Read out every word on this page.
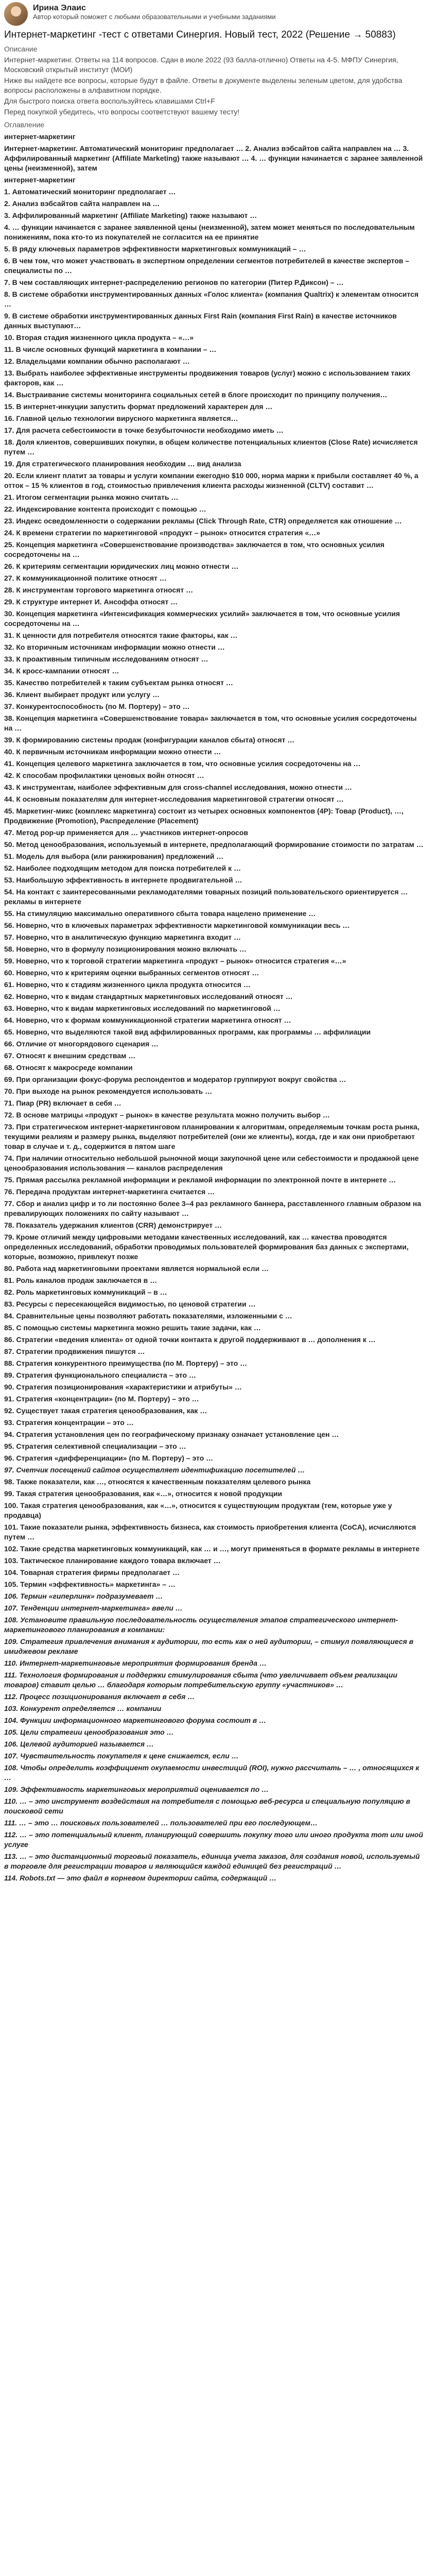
Ирина Элаис
Автор который поможет с любыми образовательными и учебными заданиями
Интернет-маркетинг -тест с ответами Синергия. Новый тест, 2022 (Решение → 50883)
Описание

Интернет-маркетинг. Ответы на 114 вопросов. Сдан в июле 2022 (93 балла-отлично) Ответы на 4-5. МФПУ Синергия, Московский открытый институт (МОИ)

Ниже вы найдете все вопросы, которые будут в файле. Ответы в документе выделены зеленым цветом, для удобства вопросы расположены в алфавитном порядке.

Для быстрого поиска ответа воспользуйтесь клавишами Ctrl+F

Перед покупкой убедитесь, что вопросы соответствуют вашему тесту!

Оглавление
интернет-маркетинг
Интернет-маркетинг. Автоматический мониторинг предполагает … 2. Анализ вэбсайтов сайта направлен на … 3. Аффилированный маркетинг (Affiliate Marketing) также называют … 4. … функции начинается с заранее заявленной цены (неизменной), затем
интернет-маркетинг
1. Автоматический мониторинг предполагает …
2. Анализ вэбсайтов сайта направлен на …
3. Аффилированный маркетинг (Affiliate Marketing) также называют …
4. … функции начинается с заранее заявленной цены (неизменной), затем может меняться по последовательным понижениям, пока кто-то из покупателей не согласится на ее принятие
5. В ряду ключевых параметров эффективности маркетинговых коммуникаций – …
6. В чем том, что может участвовать в экспертном определении сегментов потребителей в качестве экспертов – специалисты по …
7. В чем составляющих интернет-распределению регионов по категории (Питер Р.Диксон) – …
8. В системе обработки инструментированных данных «Голос клиента» (компания Qualtrix) к элементам относится …
9. В системе обработки инструментированных данных First Rain (компания First Rain) в качестве источников данных выступают…
10. Вторая стадия жизненного цикла продукта – «…»
11. В числе основных функций маркетинга в компании – …
12. Владельцами компании обычно располагают …
13. Выбрать наиболее эффективные инструменты продвижения товаров (услуг) можно с использованием таких факторов, как …
14. Выстраивание системы мониторинга социальных сетей в блоге происходит по принципу получения…
15. В интернет-инкуции запустить формат предложений характерен для …
16. Главной целью технологии вирусного маркетинга является…
17. Для расчета себестоимости в точке безубыточности необходимо иметь …
18. Доля клиентов, совершивших покупки, в общем количестве потенциальных клиентов (Close Rate) исчисляется путем …
19. Для стратегического планирования необходим … вид анализа
20. Если клиент платит за товары и услуги компании ежегодно $10 000, норма маржи к прибыли составляет 40 %, а отток – 15 % клиентов в год, стоимостью привлечения клиента расходы жизненной (CLTV) составит …
21. Итогом сегментации рынка можно считать …
22. Индексирование контента происходит с помощью …
23. Индекс осведомленности о содержании рекламы (Click Through Rate, CTR) определяется как отношение …
24. К времени стратегии по маркетинговой «продукт – рынок» относится стратегия «…»
25. Концепция маркетинга «Совершенствование производства» заключается в том, что основных усилия сосредоточены на …
26. К критериям сегментации юридических лиц можно отнести …
27. К коммуникационной политике относят …
28. К инструментам торгового маркетинга относят …
29. К структуре интернет И. Ансоффа относят …
30. Концепция маркетинга «Интенсификация коммерческих усилий» заключается в том, что основные усилия сосредоточены на …
31. К ценности для потребителя относятся такие факторы, как …
32. Ко вторичным источникам информации можно отнести …
33. К проактивным типичным исследованиям относят …
34. К кросс-кампании относят …
35. Качество потребителей к таким субъектам рынка относят …
36. Клиент выбирает продукт или услугу …
37. Конкурентоспособность (по М. Портеру) – это …
38. Концепция маркетинга «Совершенствование товара» заключается в том, что основные усилия сосредоточены на …
39. К формированию системы продаж (конфигурации каналов сбыта) относят …
40. К первичным источникам информации можно отнести …
41. Концепция целевого маркетинга заключается в том, что основные усилия сосредоточены на …
42. К способам профилактики ценовых войн относят …
43. К инструментам, наиболее эффективным для cross-channel исследования, можно отнести …
44. К основным показателям для интернет-исследования маркетинговой стратегии относят …
45. Маркетинг-микс (комплекс маркетинга) состоит из четырех основных компонентов (4P): Товар (Product), …, Продвижение (Promotion), Распределение (Placement)
47. Метод pop-up применяется для … участников интернет-опросов
50. Метод ценообразования, используемый в интернете, предполагающий формирование стоимости по затратам …
51. Модель для выбора (или ранжирования) предложений …
52. Наиболее подходящим методом для поиска потребителей к …
53. Наибольшую эффективность в интернете продвигательной …
54. На контакт с заинтересованными рекламодателями товарных позиций пользовательского ориентируется … рекламы в интернете
55. На стимуляцию максимально оперативного сбыта товара нацелено применение …
56. Новерно, что в ключевых параметрах эффективности маркетинговой коммуникации весь …
57. Новерно, что в аналитическую функцию маркетинга входит …
58. Новерно, что в формулу позиционирования можно включать …
59. Новерно, что к торговой стратегии маркетинга «продукт – рынок» относится стратегия «…»
60. Новерно, что к критериям оценки выбранных сегментов относят …
61. Новерно, что к стадиям жизненного цикла продукта относится …
62. Новерно, что к видам стандартных маркетинговых исследований относят …
63. Новерно, что к видам маркетинговых исследований по маркетинговой …
64. Новерно, что к формам коммуникационной стратегии маркетинга относят …
65. Новерно, что выделяются такой вид аффилированных программ, как программы … аффилиации
66. Отличие от многорядового сценария …
67. Относят к внешним средствам …
68. Относят к макросреде компании
69. При организации фокус-форума респондентов и модератор группируют вокруг свойства …
70. При выходе на рынок рекомендуется использовать …
71. Пиар (PR) включает в себя …
72. В основе матрицы «продукт – рынок» в качестве результата можно получить выбор …
73. При стратегическом интернет-маркетинговом планировании к алгоритмам, определяемым точкам роста рынка, текущими реалиям и размеру рынка, выделяют потребителей (они же клиенты), когда, где и как они приобретают товар в случае и т. д., содержится в пятом шаге
74. При наличии относительно небольшой рыночной мощи закупочной цене или себестоимости и продажной цене ценообразования использования — каналов распределения
75. Прямая рассылка рекламной информации и рекламой информации по электронной почте в интернете …
76. Передача продуктам интернет-маркетинга считается …
77. Сбор и анализ цифр и то ли постоянно более 3–4 раз рекламного баннера, расставленного главным образом на превалирующих положениях по сайту называют …
78. Показатель удержания клиентов (CRR) демонстрирует …
79. Кроме отличий между цифровыми методами качественных исследований, как … качества проводятся определенных исследований, обработки проводимых пользователей формирования баз данных с экспертами, которые, возможно, привлекут позже
80. Работа над маркетинговыми проектами является нормальной если …
81. Роль каналов продаж заключается в …
82. Роль маркетинговых коммуникаций – в …
83. Ресурсы с пересекающейся видимостью, по ценовой стратегии …
84. Сравнительные цены позволяют работать показателями, изложенными с …
85. С помощью системы маркетинга можно решить такие задачи, как …
86. Стратегии «ведения клиента» от одной точки контакта к другой поддерживают в … дополнения к …
87. Стратегии продвижения пишутся …
88. Стратегия конкурентного преимущества (по М. Портеру) – это …
89. Стратегия функционального специалиста – это …
90. Стратегия позиционирования «характеристики и атрибуты» …
91. Стратегия «концентрации» (по М. Портеру) – это …
92. Существует такая стратегия ценообразования, как …
93. Стратегия концентрации – это …
94. Стратегия установления цен по географическому признаку означает установление цен …
95. Стратегия селективной специализации – это …
96. Стратегия «дифференциации» (по М. Портеру) – это …
97. Счетчик посещений сайтов осуществляет идентификацию посетителей …
98. Также показатели, как …, относятся к качественным показателям целевого рынка
99. Такая стратегия ценообразования, как «…», относится к новой продукции
100. Такая стратегия ценообразования, как «…», относится к существующим продуктам (тем, которые уже у продавца)
101. Такие показатели рынка, эффективность бизнеса, как стоимость приобретения клиента (CoCA), исчисляются путем …
102. Такие средства маркетинговых коммуникаций, как … и …, могут применяться в формате рекламы в интернете
103. Тактическое планирование каждого товара включает …
104. Товарная стратегия фирмы предполагает …
105. Термин «эффективность» маркетинга» – …
106. Термин «гиперлинк» подразумевает …
107. Тенденции интернет-маркетинга» ввели …
108. Установите правильную последовательность осуществления этапов стратегического интернет-маркетингового планирования в компании:
109. Стратегия привлечения внимания к аудитории, то есть как о ней аудитории, – стимул появляющиеся в имиджевом рекламе
110. Интернет-маркетинговые мероприятия формирования бренда …
111. Технология формирования и поддержки стимулирования сбыта (что увеличивает объем реализации товаров) ставит целью … благодаря которым потребительскую группу «участников» …
112. Процесс позиционирования включает в себя …
103. Конкурент определяется … компании
104. Функции информационного маркетингового форума состоит в …
105. Цели стратегии ценообразования это …
106. Целевой аудиторией называется …
107. Чувствительность покупателя к цене снижается, если …
108. Чтобы определить коэффициент окупаемости инвестиций (ROI), нужно рассчитать – … , относящихся к …
109. Эффективность маркетинговых мероприятий оценивается по …
110. … – это инструмент воздействия на потребителя с помощью веб-ресурса и специальную популяцию в поисковой сети
111. … – это … поисковых пользователей … пользователей при его последующем…
112. … – это потенциальный клиент, планирующий совершить покупку того или иного продукта тот или иной услуге
113. … – это дистанционный торговый показатель, единица учета заказов, для создания новой, используемый в торговле для регистрации товаров и являющийся каждой единицей без регистраций …
114. Robots.txt — это файл в корневом директории сайта, содержащий …
